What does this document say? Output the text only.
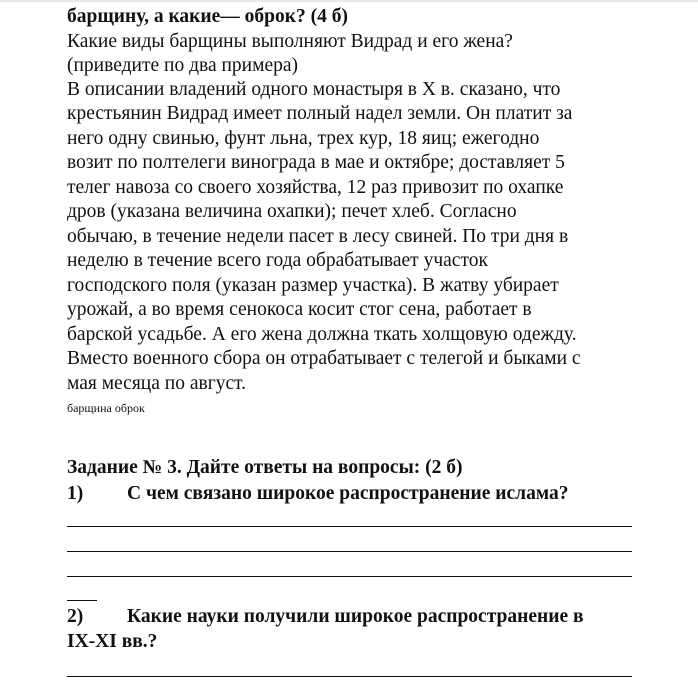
барщину, а какие— оброк? (4 б)
Какие виды барщины выполняют Видрад и его жена?
(приведите по два примера)
В описании владений одного монастыря в X в. сказано, что
крестьянин Видрад имеет полный надел земли. Он платит за
него одну свинью, фунт льна, трех кур, 18 яиц; ежегодно
возит по полтелеги винограда в мае и октябре; доставляет 5
телег навоза со своего хозяйства, 12 раз привозит по охапке
дров (указана величина охапки); печет хлеб. Согласно
обычаю, в течение недели пасет в лесу свиней. По три дня в
неделю в течение всего года обрабатывает участок
господского поля (указан размер участка). В жатву убирает
урожай, а во время сенокоса косит стог сена, работает в
барской усадьбе. А его жена должна ткать холщовую одежду.
Вместо военного сбора он отрабатывает с телегой и быками с
мая месяца по август.
барщина оброк
Задание № 3. Дайте ответы на вопросы: (2 б)
1) С чем связано широкое распространение ислама?
2) Какие науки получили широкое распространение в
IX-XI вв.?
